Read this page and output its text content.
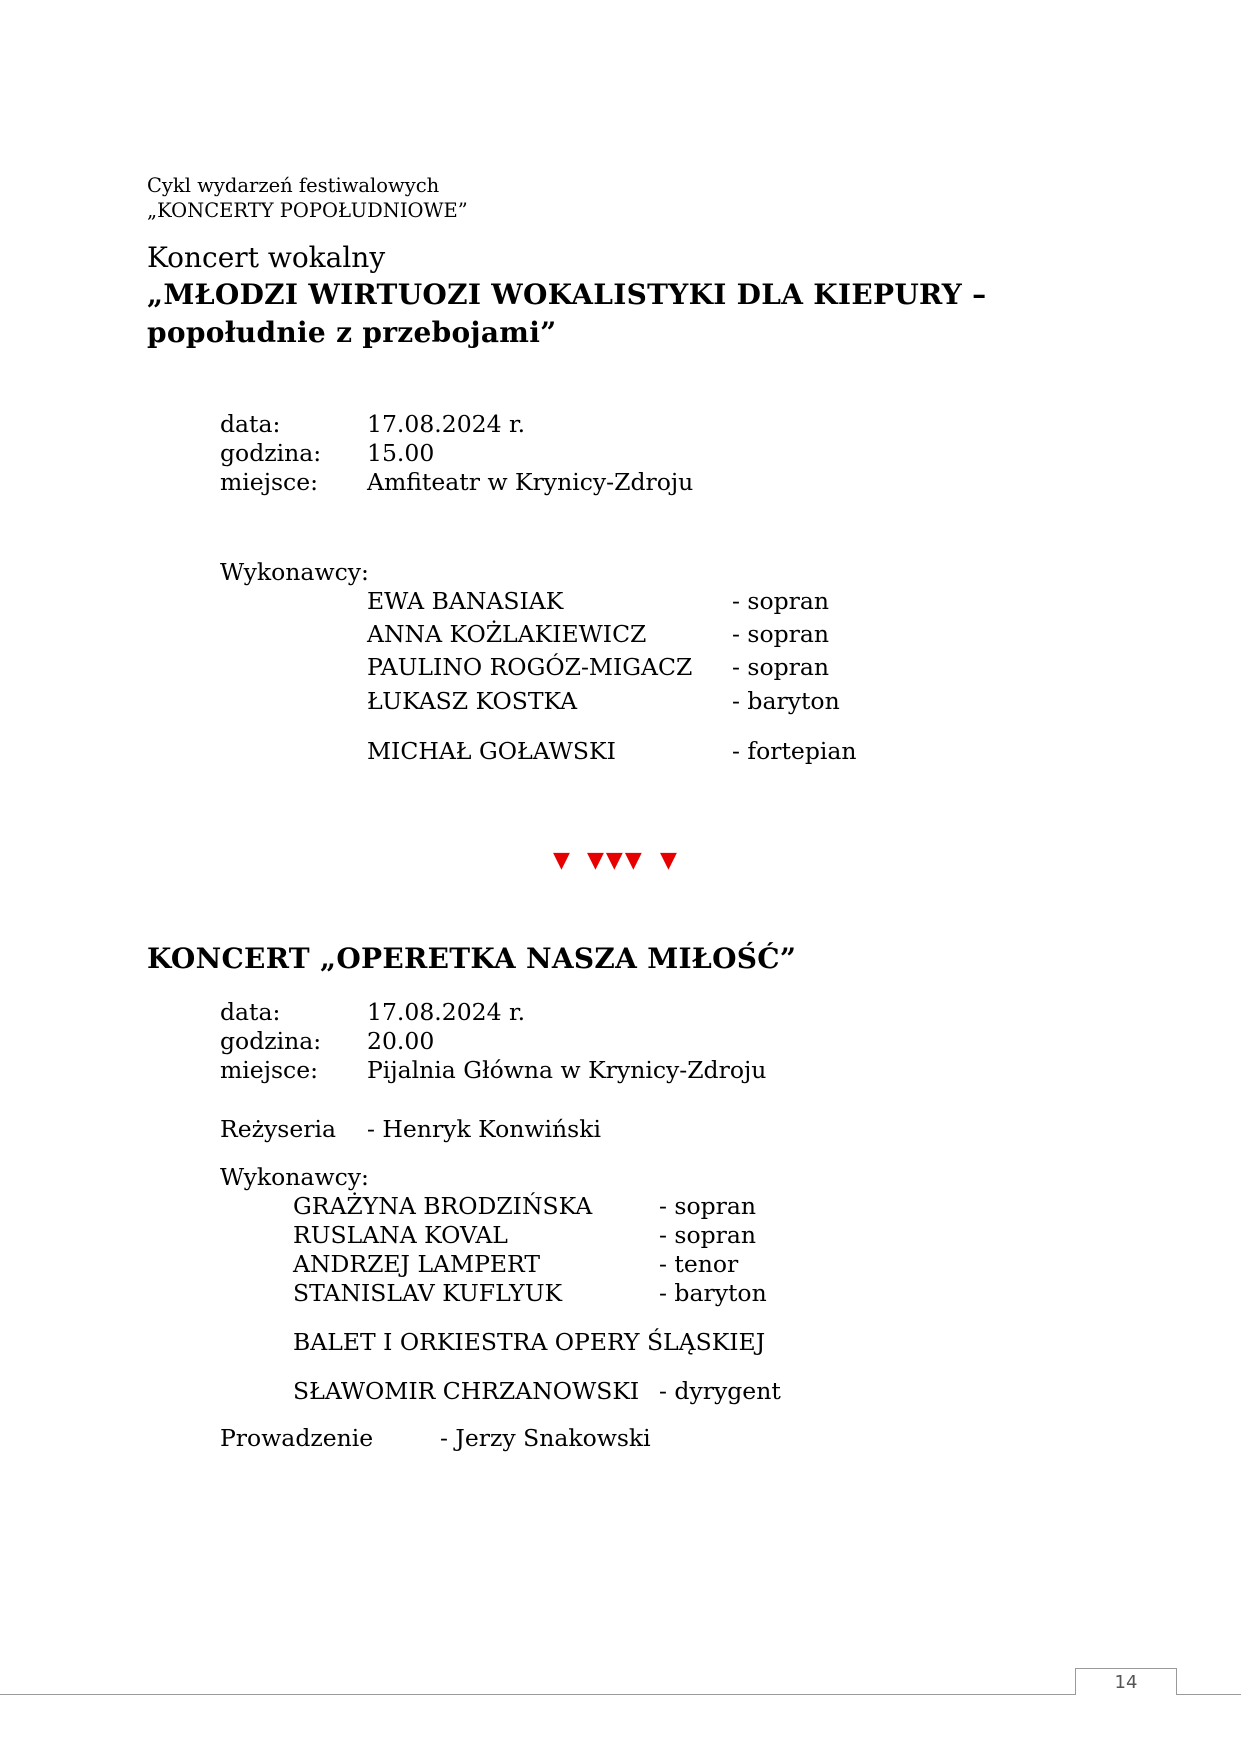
Cykl wydarzeń festiwalowych
„KONCERTY POPOŁUDNIOWE”
Koncert wokalny
„MŁODZI WIRTUOZI WOKALISTYKI DLA KIEPURY –
popołudnie z przebojami”
data:	17.08.2024 r.
godzina: 15.00
miejsce: Amfiteatr w Krynicy-Zdroju
Wykonawcy:
EWA BANASIAK	- sopran
ANNA KOŻLAKIEWICZ	- sopran
PAULINO ROGÓZ-MIGACZ - sopran
ŁUKASZ KOSTKA	- baryton
MICHAŁ GOŁAWSKI	- fortepian
▼ ▼▼▼ ▼
KONCERT „OPERETKA NASZA MIŁOŚĆ”
data:	17.08.2024 r.
godzina: 20.00
miejsce: Pijalnia Główna w Krynicy-Zdroju
Reżyseria - Henryk Konwiński
Wykonawcy:
GRAŻYNA BRODZIŃSKA	- sopran
RUSLANA KOVAL	- sopran
ANDRZEJ LAMPERT	- tenor
STANISLAV KUFLYUK	- baryton
BALET I ORKIESTRA OPERY ŚLĄSKIEJ
SŁAWOMIR CHRZANOWSKI - dyrygent
Prowadzenie	- Jerzy Snakowski
14
